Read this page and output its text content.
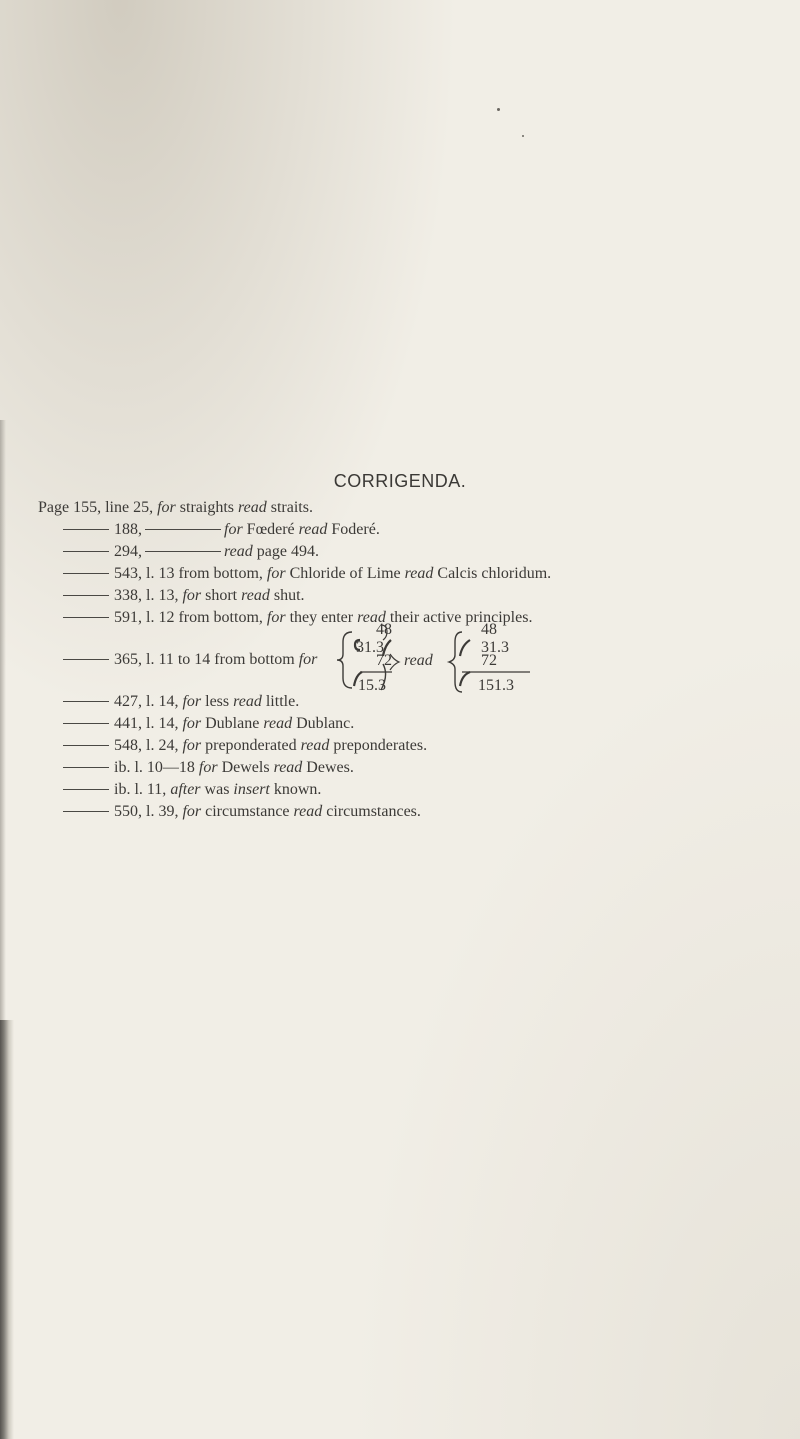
CORRIGENDA.
Page 155, line 25, for straights read straits.
188,	for Fœderé read Foderé.
294,	read page 494.
543, l. 13 from bottom, for Chloride of Lime read Calcis chloridum.
338, l. 13, for short read shut.
591, l. 12 from bottom, for they enter read their active principles.
365, l. 11 to 14 from bottom for
48
31.3
72
15.3
read
48
31.3
72
151.3
427, l. 14, for less read little.
441, l. 14, for Dublane read Dublanc.
548, l. 24, for preponderated read preponderates.
ib. l. 10—18 for Dewels read Dewes.
ib. l. 11, after was insert known.
550, l. 39, for circumstance read circumstances.
